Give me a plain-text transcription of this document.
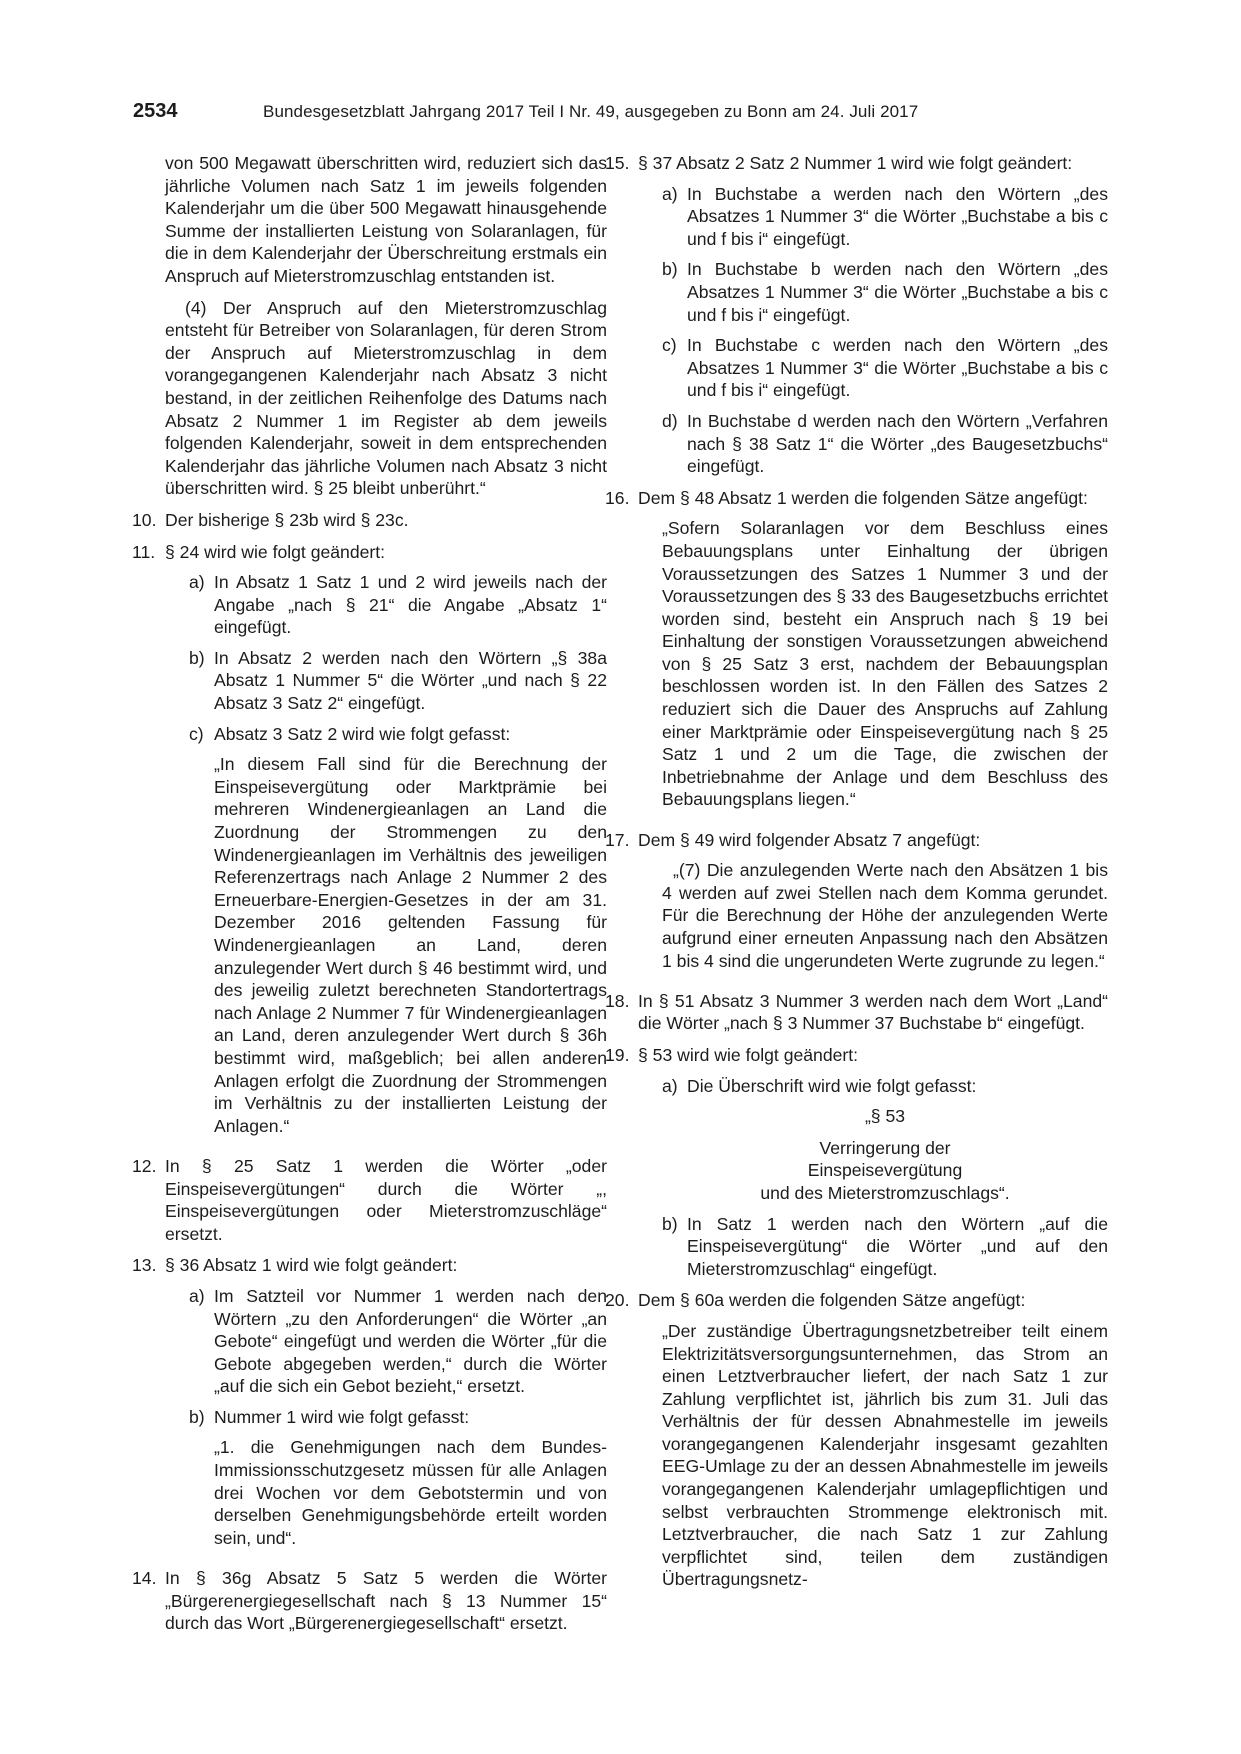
2534	Bundesgesetzblatt Jahrgang 2017 Teil I Nr. 49, ausgegeben zu Bonn am 24. Juli 2017

von 500 Megawatt überschritten wird, reduziert sich das jährliche Volumen nach Satz 1 im jeweils folgenden Kalenderjahr um die über 500 Megawatt hinausgehende Summe der installierten Leistung von Solaranlagen, für die in dem Kalenderjahr der Überschreitung erstmals ein Anspruch auf Mieterstromzuschlag entstanden ist.

(4) Der Anspruch auf den Mieterstromzuschlag entsteht für Betreiber von Solaranlagen, für deren Strom der Anspruch auf Mieterstromzuschlag in dem vorangegangenen Kalenderjahr nach Absatz 3 nicht bestand, in der zeitlichen Reihenfolge des Datums nach Absatz 2 Nummer 1 im Register ab dem jeweils folgenden Kalenderjahr, soweit in dem entsprechenden Kalenderjahr das jährliche Volumen nach Absatz 3 nicht überschritten wird. § 25 bleibt unberührt.“

10. Der bisherige § 23b wird § 23c.
11. § 24 wird wie folgt geändert:
a) In Absatz 1 Satz 1 und 2 wird jeweils nach der Angabe „nach § 21“ die Angabe „Absatz 1“ eingefügt.
b) In Absatz 2 werden nach den Wörtern „§ 38a Absatz 1 Nummer 5“ die Wörter „und nach § 22 Absatz 3 Satz 2“ eingefügt.
c) Absatz 3 Satz 2 wird wie folgt gefasst:

„In diesem Fall sind für die Berechnung der Einspeisevergütung oder Marktprämie bei mehreren Windenergieanlagen an Land die Zuordnung der Strommengen zu den Windenergieanlagen im Verhältnis des jeweiligen Referenzertrags nach Anlage 2 Nummer 2 des Erneuerbare-Energien-Gesetzes in der am 31. Dezember 2016 geltenden Fassung für Windenergieanlagen an Land, deren anzulegender Wert durch § 46 bestimmt wird, und des jeweilig zuletzt berechneten Standortertrags nach Anlage 2 Nummer 7 für Windenergieanlagen an Land, deren anzulegender Wert durch § 36h bestimmt wird, maßgeblich; bei allen anderen Anlagen erfolgt die Zuordnung der Strommengen im Verhältnis zu der installierten Leistung der Anlagen.“

12. In § 25 Satz 1 werden die Wörter „oder Einspeisevergütungen“ durch die Wörter „, Einspeisevergütungen oder Mieterstromzuschläge“ ersetzt.
13. § 36 Absatz 1 wird wie folgt geändert:
a) Im Satzteil vor Nummer 1 werden nach den Wörtern „zu den Anforderungen“ die Wörter „an Gebote“ eingefügt und werden die Wörter „für die Gebote abgegeben werden,“ durch die Wörter „auf die sich ein Gebot bezieht,“ ersetzt.
b) Nummer 1 wird wie folgt gefasst:

„1. die Genehmigungen nach dem Bundes-Immissionsschutzgesetz müssen für alle Anlagen drei Wochen vor dem Gebotstermin und von derselben Genehmigungsbehörde erteilt worden sein, und“.

14. In § 36g Absatz 5 Satz 5 werden die Wörter „Bürgerenergiegesellschaft nach § 13 Nummer 15“ durch das Wort „Bürgerenergiegesellschaft“ ersetzt.
15. § 37 Absatz 2 Satz 2 Nummer 1 wird wie folgt geändert:
a) In Buchstabe a werden nach den Wörtern „des Absatzes 1 Nummer 3“ die Wörter „Buchstabe a bis c und f bis i“ eingefügt.
b) In Buchstabe b werden nach den Wörtern „des Absatzes 1 Nummer 3“ die Wörter „Buchstabe a bis c und f bis i“ eingefügt.
c) In Buchstabe c werden nach den Wörtern „des Absatzes 1 Nummer 3“ die Wörter „Buchstabe a bis c und f bis i“ eingefügt.
d) In Buchstabe d werden nach den Wörtern „Verfahren nach § 38 Satz 1“ die Wörter „des Baugesetzbuchs“ eingefügt.
16. Dem § 48 Absatz 1 werden die folgenden Sätze angefügt:

„Sofern Solaranlagen vor dem Beschluss eines Bebauungsplans unter Einhaltung der übrigen Voraussetzungen des Satzes 1 Nummer 3 und der Voraussetzungen des § 33 des Baugesetzbuchs errichtet worden sind, besteht ein Anspruch nach § 19 bei Einhaltung der sonstigen Voraussetzungen abweichend von § 25 Satz 3 erst, nachdem der Bebauungsplan beschlossen worden ist. In den Fällen des Satzes 2 reduziert sich die Dauer des Anspruchs auf Zahlung einer Marktprämie oder Einspeisevergütung nach § 25 Satz 1 und 2 um die Tage, die zwischen der Inbetriebnahme der Anlage und dem Beschluss des Bebauungsplans liegen.“

17. Dem § 49 wird folgender Absatz 7 angefügt:

„(7) Die anzulegenden Werte nach den Absätzen 1 bis 4 werden auf zwei Stellen nach dem Komma gerundet. Für die Berechnung der Höhe der anzulegenden Werte aufgrund einer erneuten Anpassung nach den Absätzen 1 bis 4 sind die ungerundeten Werte zugrunde zu legen.“

18. In § 51 Absatz 3 Nummer 3 werden nach dem Wort „Land“ die Wörter „nach § 3 Nummer 37 Buchstabe b“ eingefügt.
19. § 53 wird wie folgt geändert:
a) Die Überschrift wird wie folgt gefasst:
„§ 53
Verringerung der
Einspeisevergütung
und des Mieterstromzuschlags“.
b) In Satz 1 werden nach den Wörtern „auf die Einspeisevergütung“ die Wörter „und auf den Mieterstromzuschlag“ eingefügt.
20. Dem § 60a werden die folgenden Sätze angefügt:

„Der zuständige Übertragungsnetzbetreiber teilt einem Elektrizitätsversorgungsunternehmen, das Strom an einen Letztverbraucher liefert, der nach Satz 1 zur Zahlung verpflichtet ist, jährlich bis zum 31. Juli das Verhältnis der für dessen Abnahmestelle im jeweils vorangegangenen Kalenderjahr insgesamt gezahlten EEG-Umlage zu der an dessen Abnahmestelle im jeweils vorangegangenen Kalenderjahr umlagepflichtigen und selbst verbrauchten Strommenge elektronisch mit. Letztverbraucher, die nach Satz 1 zur Zahlung verpflichtet sind, teilen dem zuständigen Übertragungsnetz-
